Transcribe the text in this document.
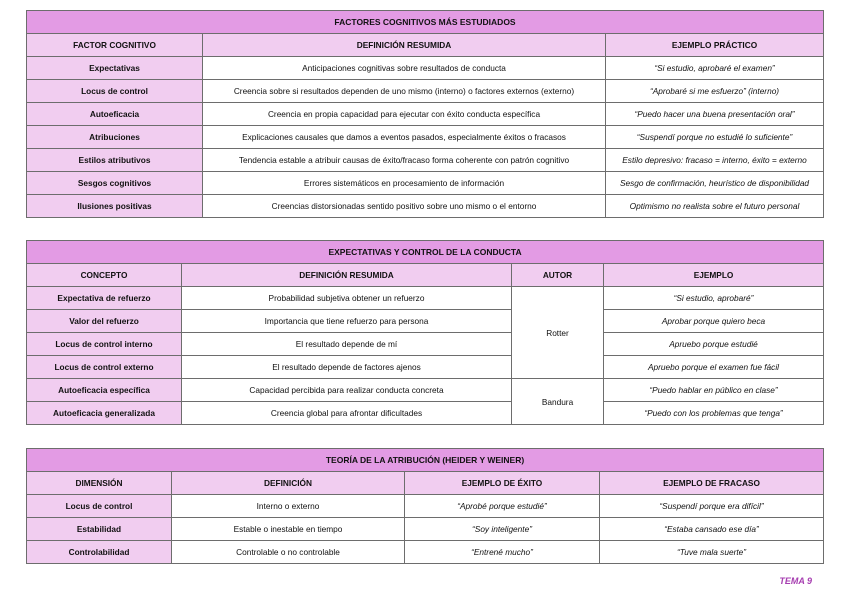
FACTORES COGNITIVOS MÁS ESTUDIADOS		
FACTOR COGNITIVO	DEFINICIÓN RESUMIDA	EJEMPLO PRÁCTICO
Expectativas	Anticipaciones cognitivas sobre resultados de conducta	“Si estudio, aprobaré el examen”
Locus de control	Creencia sobre si resultados dependen de uno mismo (interno) o factores externos (externo)	“Aprobaré si me esfuerzo” (interno)
Autoeficacia	Creencia en propia capacidad para ejecutar con éxito conducta específica	“Puedo hacer una buena presentación oral”
Atribuciones	Explicaciones causales que damos a eventos pasados, especialmente éxitos o fracasos	“Suspendí porque no estudié lo suficiente”
Estilos atributivos	Tendencia estable a atribuir causas de éxito/fracaso forma coherente con patrón cognitivo	Estilo depresivo: fracaso = interno, éxito = externo
Sesgos cognitivos	Errores sistemáticos en procesamiento de información	Sesgo de confirmación, heurístico de disponibilidad
Ilusiones positivas	Creencias distorsionadas sentido positivo sobre uno mismo o el entorno	Optimismo no realista sobre el futuro personal
EXPECTATIVAS Y CONTROL DE LA CONDUCTA			
CONCEPTO	DEFINICIÓN RESUMIDA	AUTOR	EJEMPLO
Expectativa de refuerzo	Probabilidad subjetiva obtener un refuerzo	Rotter	“Si estudio, aprobaré”
Valor del refuerzo	Importancia que tiene refuerzo para persona		Aprobar porque quiero beca
Locus de control interno	El resultado depende de mí		Apruebo porque estudié
Locus de control externo	El resultado depende de factores ajenos		Apruebo porque el examen fue fácil
Autoeficacia específica	Capacidad percibida para realizar conducta concreta	Bandura	“Puedo hablar en público en clase”
Autoeficacia generalizada	Creencia global para afrontar dificultades		“Puedo con los problemas que tenga”
TEORÍA DE LA ATRIBUCIÓN (HEIDER Y WEINER)			
DIMENSIÓN	DEFINICIÓN	EJEMPLO DE ÉXITO	EJEMPLO DE FRACASO
Locus de control	Interno o externo	“Aprobé porque estudié”	“Suspendí porque era difícil”
Estabilidad	Estable o inestable en tiempo	“Soy inteligente”	“Estaba cansado ese día”
Controlabilidad	Controlable o no controlable	“Entrené mucho”	“Tuve mala suerte”
TEMA 9
